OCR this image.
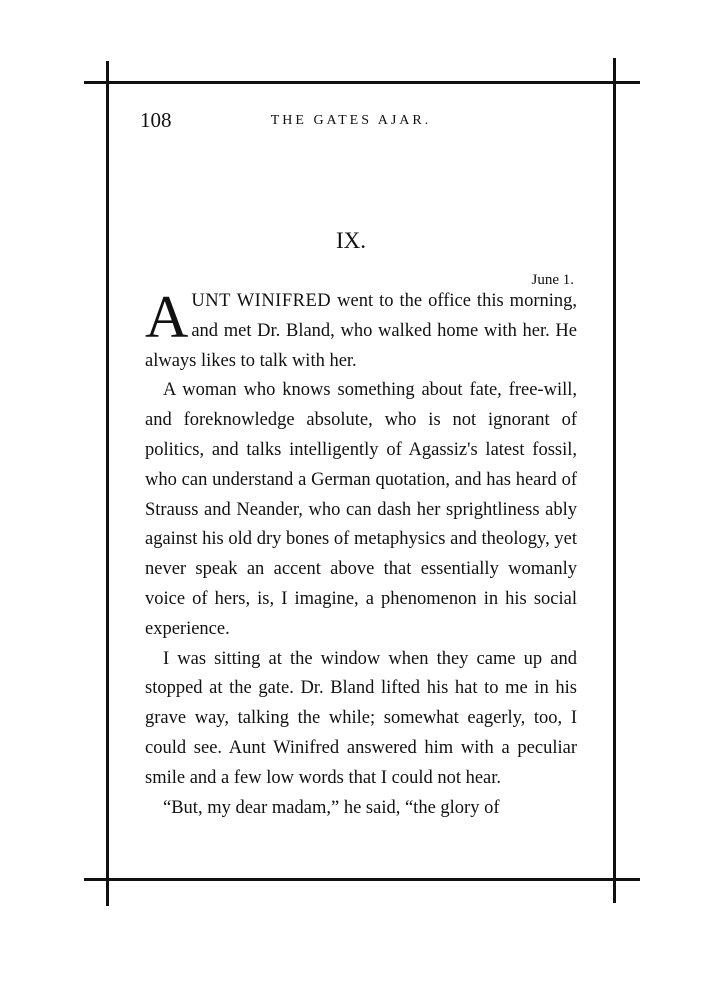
108	THE GATES AJAR.
IX.
June 1.

AUNT WINIFRED went to the office this morning, and met Dr. Bland, who walked home with her. He always likes to talk with her.

A woman who knows something about fate, free-will, and foreknowledge absolute, who is not ignorant of politics, and talks intelligently of Agassiz's latest fossil, who can understand a German quotation, and has heard of Strauss and Neander, who can dash her sprightliness ably against his old dry bones of metaphysics and theology, yet never speak an accent above that essentially womanly voice of hers, is, I imagine, a phenomenon in his social experience.

I was sitting at the window when they came up and stopped at the gate. Dr. Bland lifted his hat to me in his grave way, talking the while; somewhat eagerly, too, I could see. Aunt Winifred answered him with a peculiar smile and a few low words that I could not hear.

“But, my dear madam,” he said, “the glory of
